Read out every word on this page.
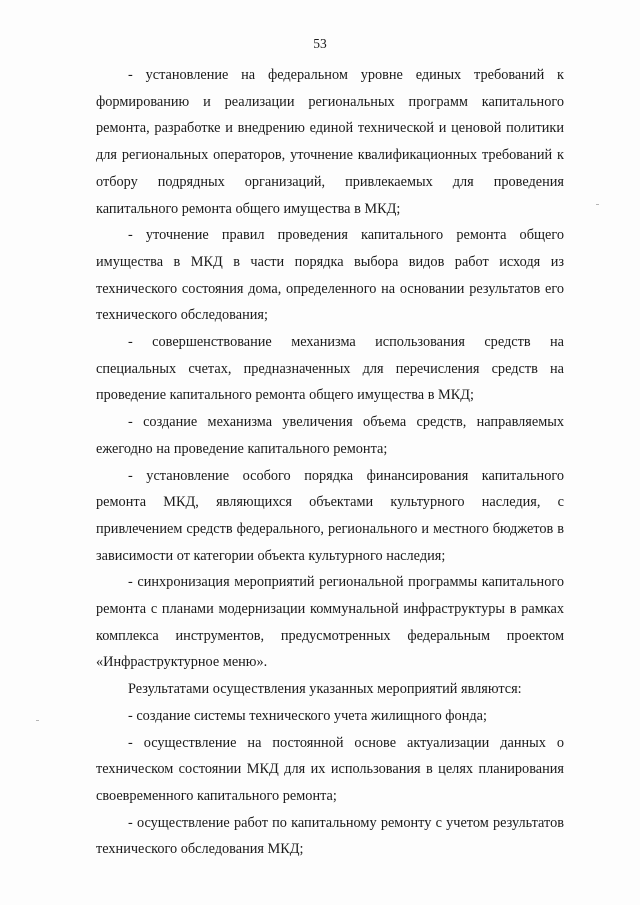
53

- установление на федеральном уровне единых требований к формированию и реализации региональных программ капитального ремонта, разработке и внедрению единой технической и ценовой политики для региональных операторов, уточнение квалификационных требований к отбору подрядных организаций, привлекаемых для проведения капитального ремонта общего имущества в МКД;

- уточнение правил проведения капитального ремонта общего имущества в МКД в части порядка выбора видов работ исходя из технического состояния дома, определенного на основании результатов его технического обследования;

- совершенствование механизма использования средств на специальных счетах, предназначенных для перечисления средств на проведение капитального ремонта общего имущества в МКД;

- создание механизма увеличения объема средств, направляемых ежегодно на проведение капитального ремонта;

- установление особого порядка финансирования капитального ремонта МКД, являющихся объектами культурного наследия, с привлечением средств федерального, регионального и местного бюджетов в зависимости от категории объекта культурного наследия;

- синхронизация мероприятий региональной программы капитального ремонта с планами модернизации коммунальной инфраструктуры в рамках комплекса инструментов, предусмотренных федеральным проектом «Инфраструктурное меню».

Результатами осуществления указанных мероприятий являются:

- создание системы технического учета жилищного фонда;

- осуществление на постоянной основе актуализации данных о техническом состоянии МКД для их использования в целях планирования своевременного капитального ремонта;

- осуществление работ по капитальному ремонту с учетом результатов технического обследования МКД;
